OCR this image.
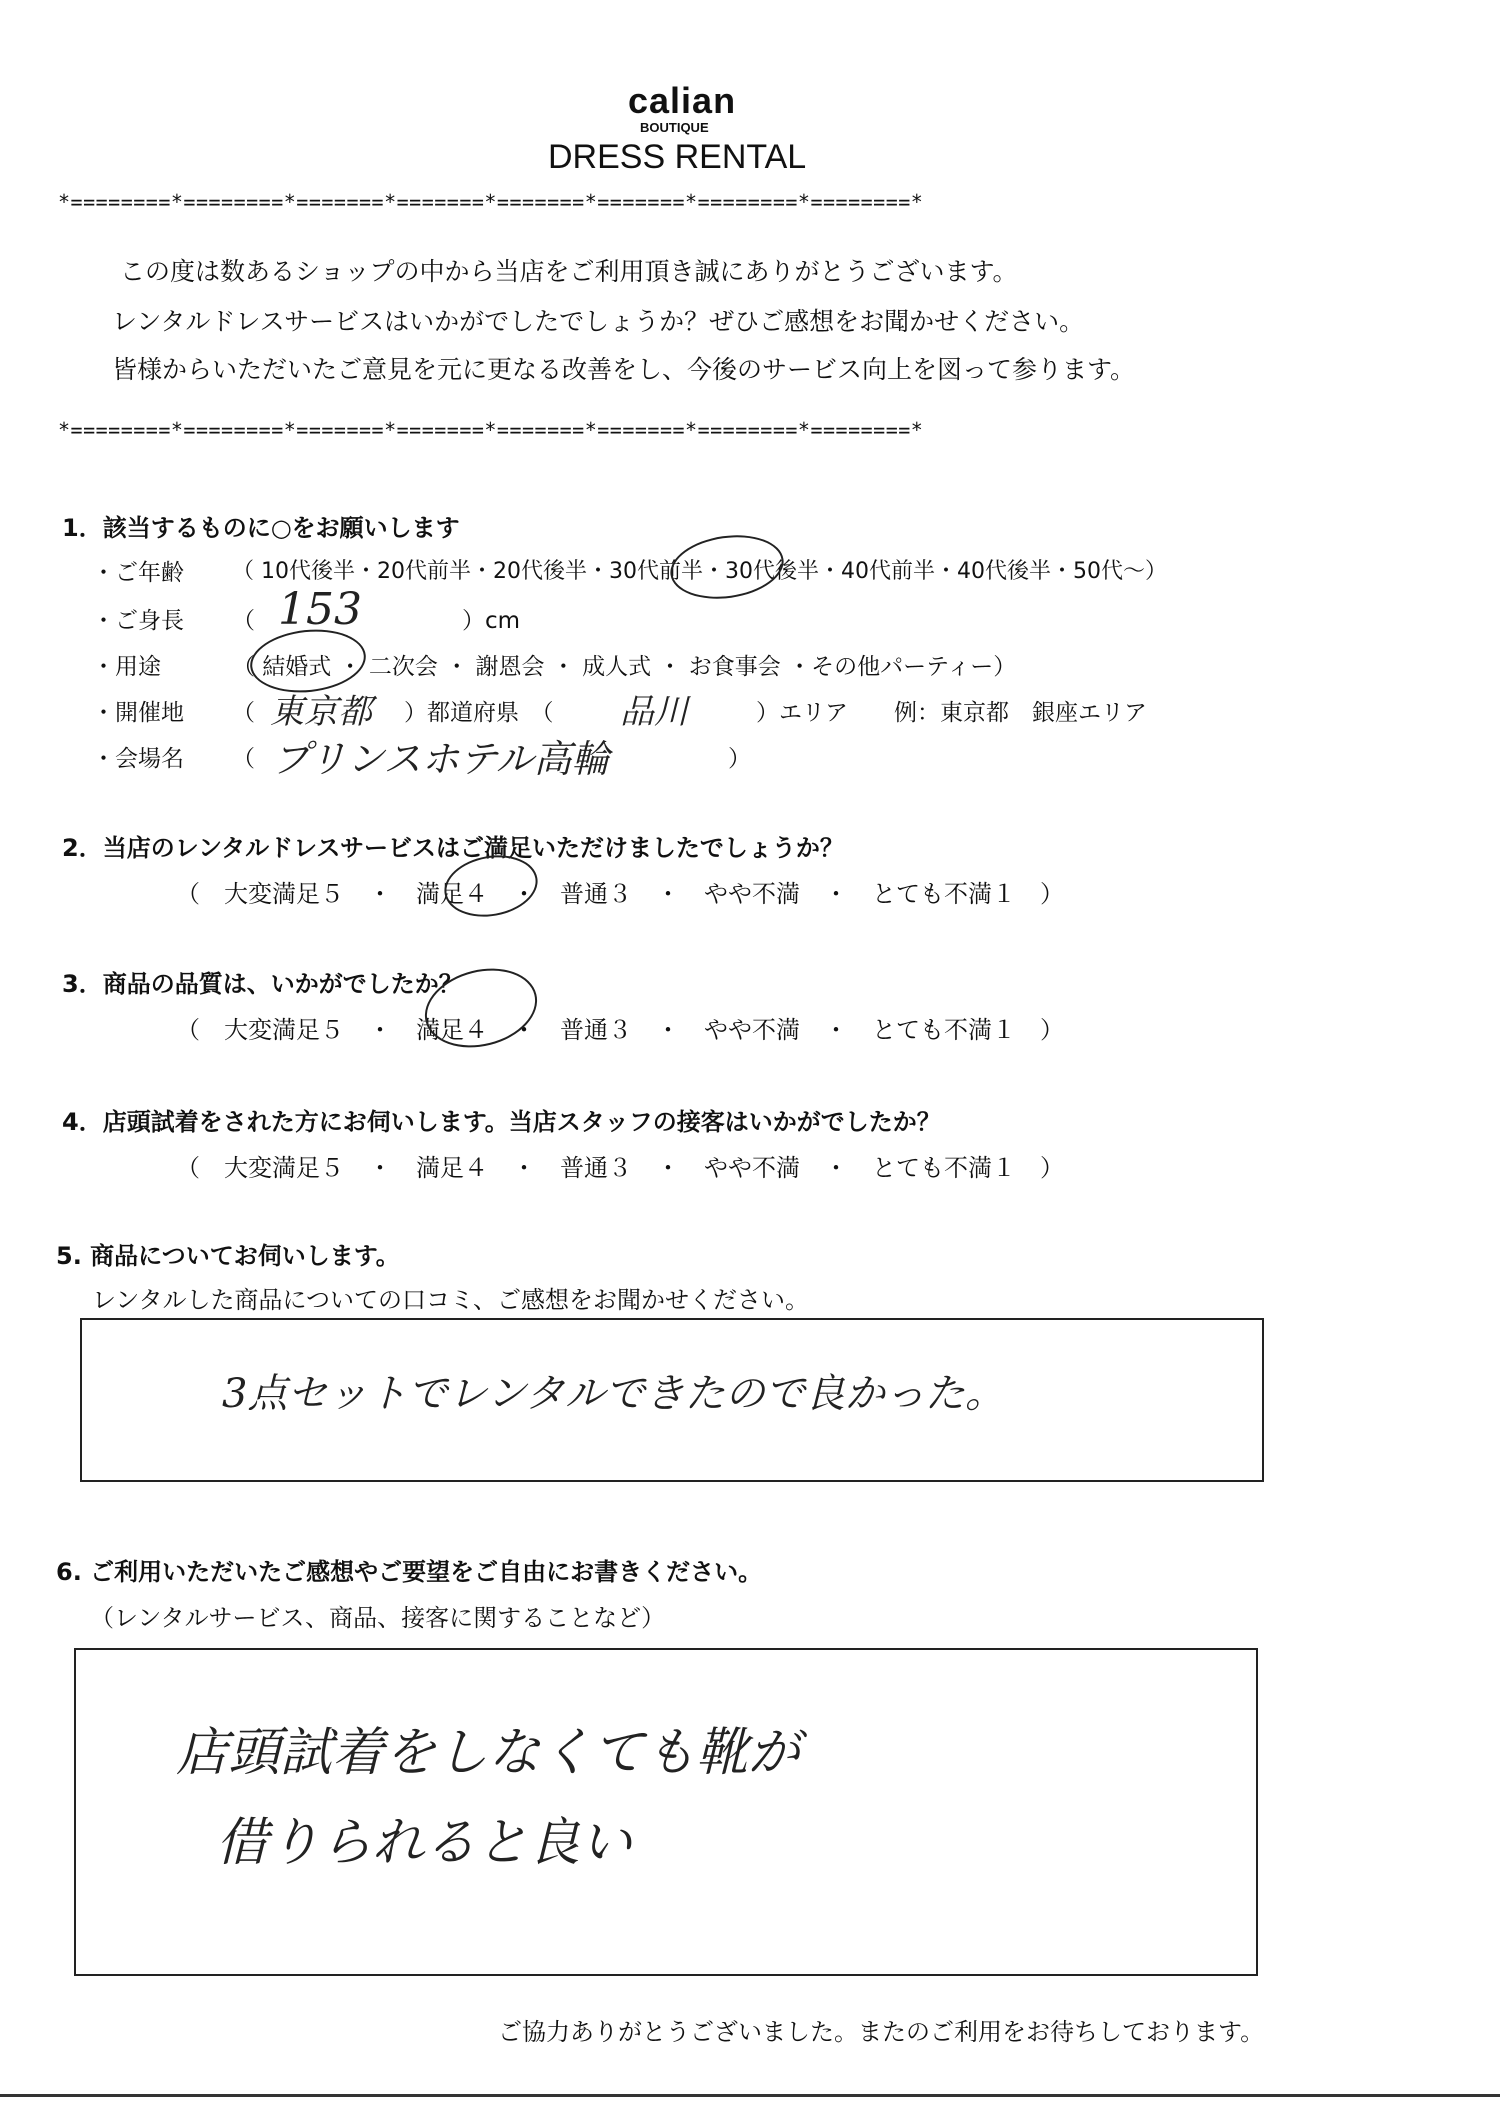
calian
BOUTIQUE
DRESS RENTAL
*========*========*=======*=======*=======*=======*========*========*
この度は数あるショップの中から当店をご利用頂き誠にありがとうございます。
レンタルドレスサービスはいかがでしたでしょうか？ぜひご感想をお聞かせください。
皆様からいただいたご意見を元に更なる改善をし、今後のサービス向上を図って参ります。
*========*========*=======*=======*=======*=======*========*========*
1．該当するものに○をお願いします
・ご年齢 （ 10代後半・20代前半・20代後半・30代前半・30代後半・40代前半・40代後半・50代～）
・ご身長 （ 153	）cm
・用途	（ 結婚式 ・ 二次会 ・ 謝恩会 ・ 成人式 ・ お食事会 ・その他パーティー）
・開催地 （ 東京都 ）都道府県　（ 品川	）エリア　　例：東京都　銀座エリア
・会場名 （ プリンスホテル高輪	）
2．当店のレンタルドレスサービスはご満足いただけましたでしょうか？
（　大変満足５　・　満足４　・　普通３　・　やや不満　・　とても不満１　）
3．商品の品質は、いかがでしたか？
（　大変満足５　・　満足４　・　普通３　・　やや不満　・　とても不満１　）
4．店頭試着をされた方にお伺いします。当店スタッフの接客はいかがでしたか？
（　大変満足５　・　満足４　・　普通３　・　やや不満　・　とても不満１　）
5. 商品についてお伺いします。
レンタルした商品についての口コミ、ご感想をお聞かせください。
3点セットでレンタルできたので良かった。
6. ご利用いただいたご感想やご要望をご自由にお書きください。
（レンタルサービス、商品、接客に関することなど）
店頭試着をしなくても靴が
借りられると良い
ご協力ありがとうございました。またのご利用をお待ちしております。
